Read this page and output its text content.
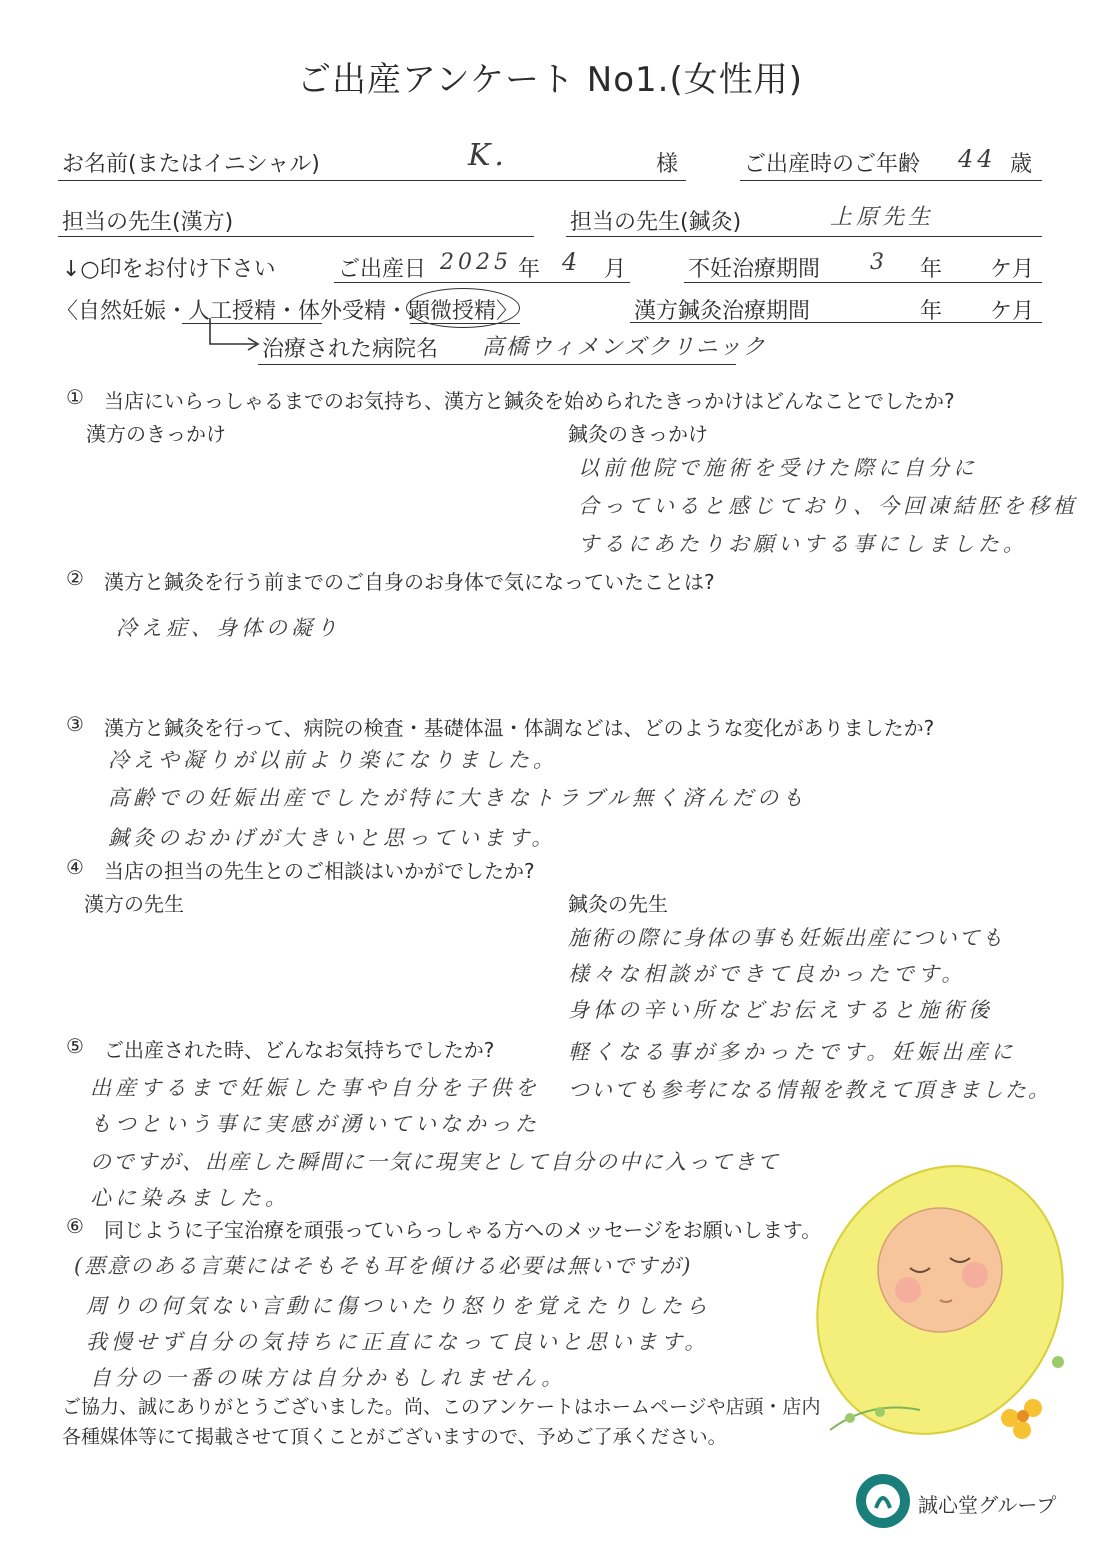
ご出産アンケート No1.(女性用)
お名前(またはイニシャル)	K.	様	ご出産時のご年齢 44 歳
担当の先生(漢方)	担当の先生(鍼灸)	上原先生
↓○印をお付け下さい	ご出産日 2025 年 4 月	不妊治療期間 3 年 ケ月
〈自然妊娠・人工授精・体外受精・顕微授精〉	漢方鍼灸治療期間	年 ケ月
治療された病院名 高橋ウィメンズクリニック
① 当店にいらっしゃるまでのお気持ち、漢方と鍼灸を始められたきっかけはどんなことでしたか?
漢方のきっかけ	鍼灸のきっかけ
以前他院で施術を受けた際に自分に
合っていると感じており、今回凍結胚を移植
するにあたりお願いする事にしました。
② 漢方と鍼灸を行う前までのご自身のお身体で気になっていたことは?
冷え症、身体の凝り
③ 漢方と鍼灸を行って、病院の検査・基礎体温・体調などは、どのような変化がありましたか?
冷えや凝りが以前より楽になりました。
高齢での妊娠出産でしたが特に大きなトラブル無く済んだのも
鍼灸のおかげが大きいと思っています。
④ 当店の担当の先生とのご相談はいかがでしたか?
漢方の先生	鍼灸の先生
施術の際に身体の事も妊娠出産についても
様々な相談ができて良かったです。
身体の辛い所などお伝えすると施術後
軽くなる事が多かったです。妊娠出産に
ついても参考になる情報を教えて頂きました。
⑤ ご出産された時、どんなお気持ちでしたか?
出産するまで妊娠した事や自分を子供を
もつという事に実感が湧いていなかった
のですが、出産した瞬間に一気に現実として自分の中に入ってきて
心に染みました。
⑥ 同じように子宝治療を頑張っていらっしゃる方へのメッセージをお願いします。
(悪意のある言葉にはそもそも耳を傾ける必要は無いですが)
周りの何気ない言動に傷ついたり怒りを覚えたりしたら
我慢せず自分の気持ちに正直になって良いと思います。
自分の一番の味方は自分かもしれません。
ご協力、誠にありがとうございました。尚、このアンケートはホームページや店頭・店内
各種媒体等にて掲載させて頂くことがございますので、予めご了承ください。
誠心堂グループ
